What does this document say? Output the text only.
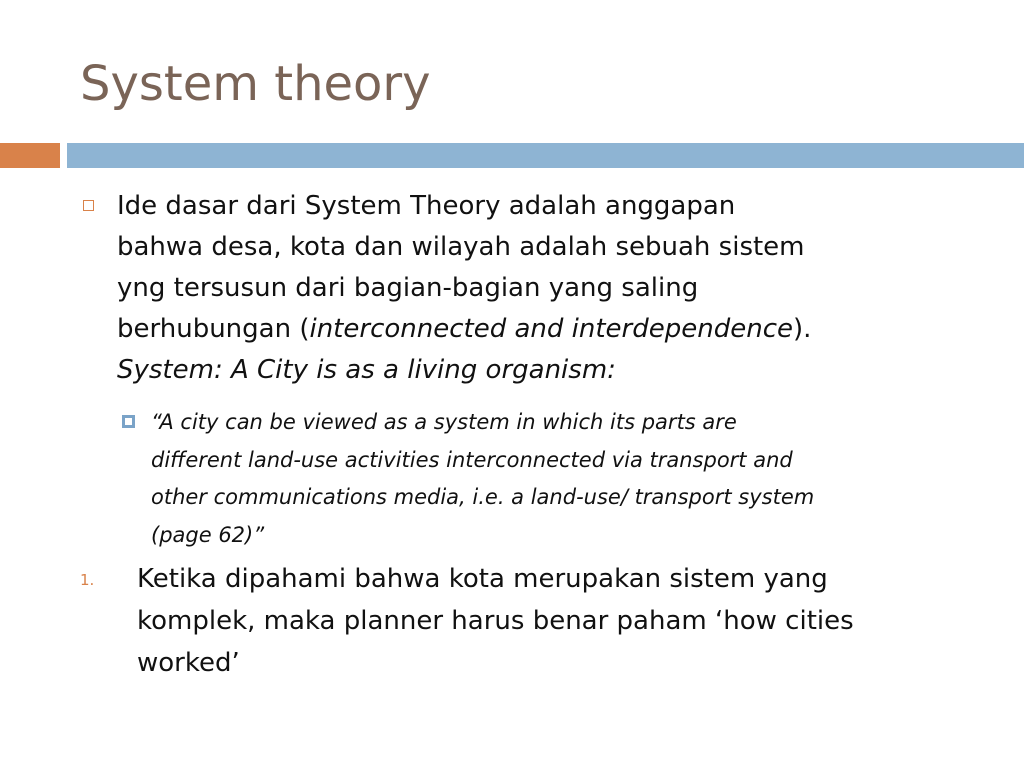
System theory
Ide dasar dari System Theory adalah anggapan
bahwa desa, kota dan wilayah adalah sebuah sistem
yng tersusun dari bagian-bagian yang saling
berhubungan (interconnected and interdependence).
System: A City is as a living organism:
“A city can be viewed as a system in which its parts are
different land-use activities interconnected via transport and
other communications media, i.e. a land-use/ transport system
(page 62)”
1. Ketika dipahami bahwa kota merupakan sistem yang
komplek, maka planner harus benar paham ‘how cities
worked’
